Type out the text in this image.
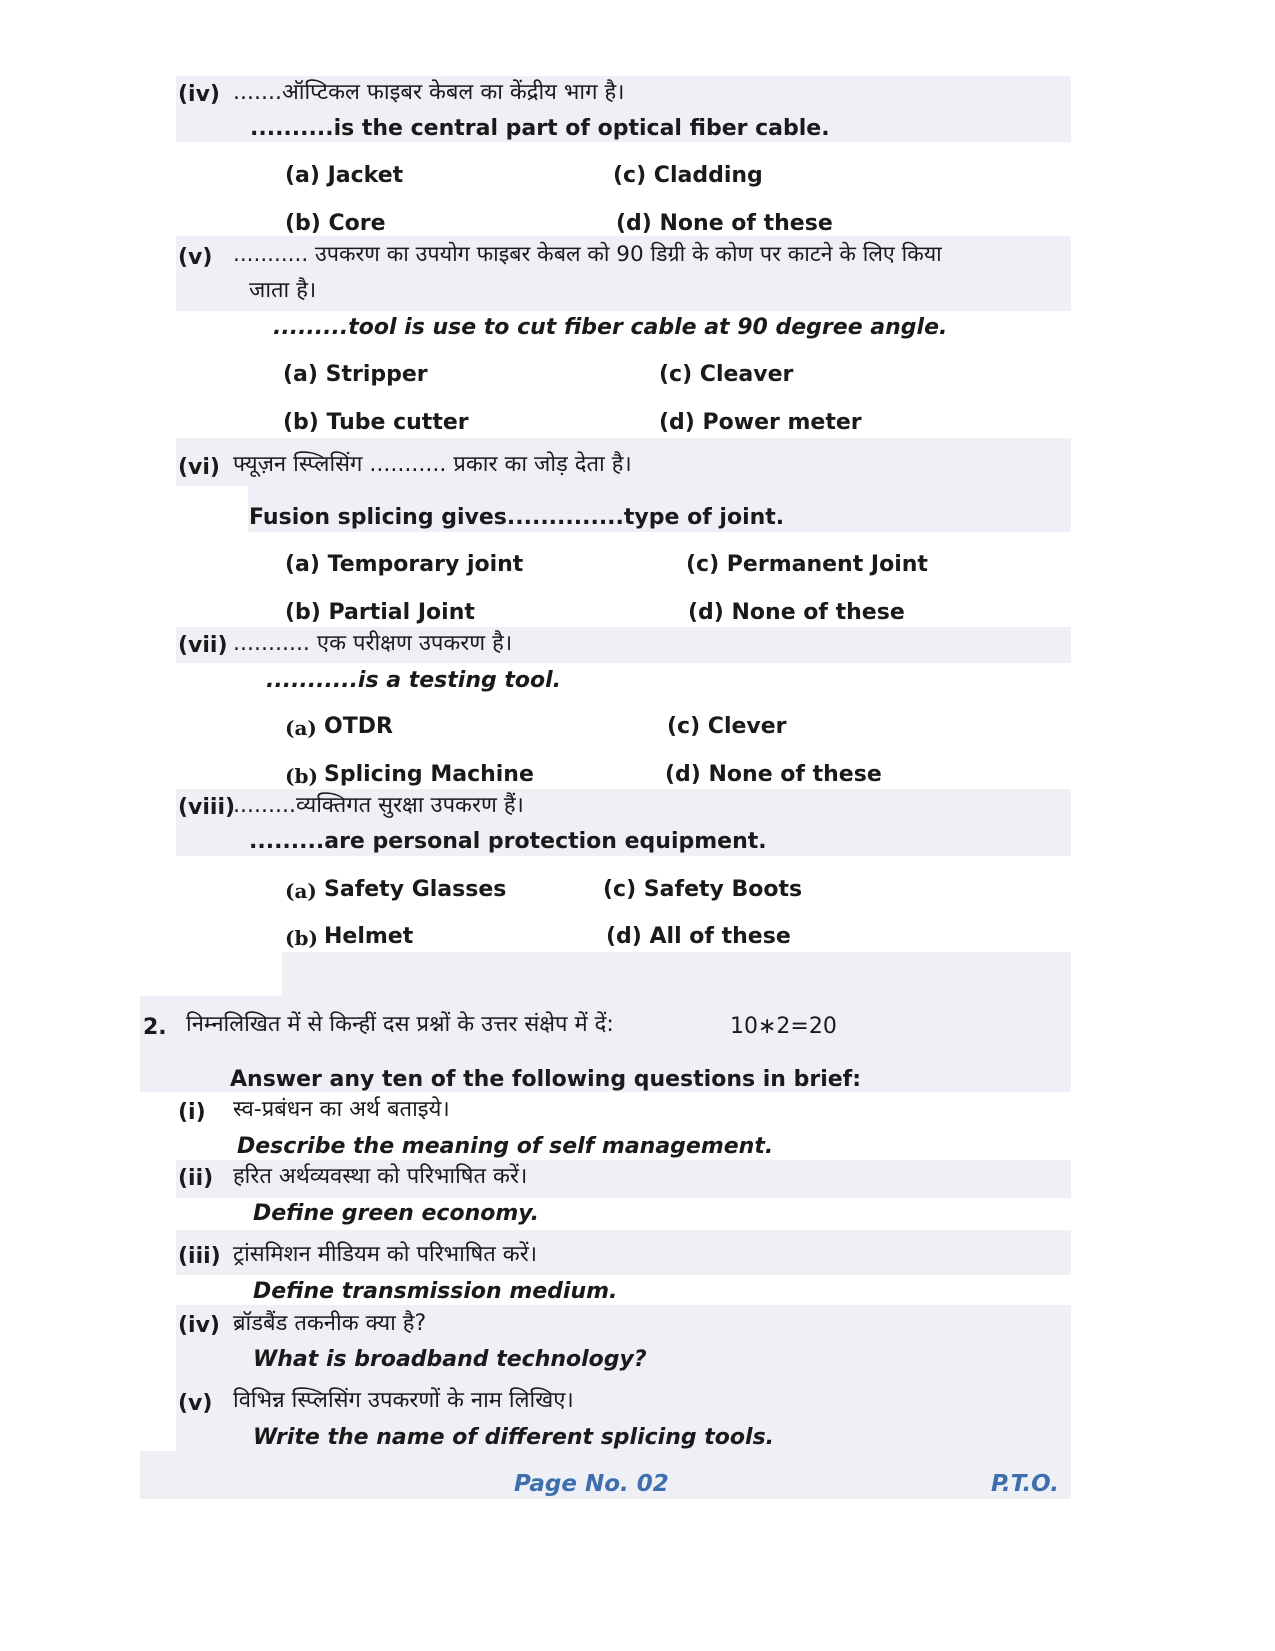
(iv) .......ऑप्टिकल फाइबर केबल का केंद्रीय भाग है।
..........is the central part of optical fiber cable.
(a) Jacket	(c) Cladding
(b) Core	(d) None of these
(v) ........... उपकरण का उपयोग फाइबर केबल को 90 डिग्री के कोण पर काटने के लिए किया
जाता है।
.........tool is use to cut fiber cable at 90 degree angle.
(a) Stripper	(c) Cleaver
(b) Tube cutter	(d) Power meter
(vi) फ्यूज़न स्प्लिसिंग ........... प्रकार का जोड़ देता है।
Fusion splicing gives..............type of joint.
(a) Temporary joint	(c) Permanent Joint
(b) Partial Joint	(d) None of these
(vii) ........... एक परीक्षण उपकरण है।
...........is a testing tool.
(a) OTDR	(c) Clever
(b) Splicing Machine	(d) None of these
(viii)
.........व्यक्तिगत सुरक्षा उपकरण हैं।
.........are personal protection equipment.
(a) Safety Glasses	(c) Safety Boots
(b) Helmet	(d) All of these
2. निम्नलिखित में से किन्हीं दस प्रश्नों के उत्तर संक्षेप में दें:	10∗2=20
Answer any ten of the following questions in brief:
(i) स्व-प्रबंधन का अर्थ बताइये।
Describe the meaning of self management.
(ii) हरित अर्थव्यवस्था को परिभाषित करें।
Define green economy.
(iii) ट्रांसमिशन मीडियम को परिभाषित करें।
Define transmission medium.
(iv) ब्रॉडबैंड तकनीक क्या है?
What is broadband technology?
(v) विभिन्न स्प्लिसिंग उपकरणों के नाम लिखिए।
Write the name of different splicing tools.
Page No. 02	P.T.O.
